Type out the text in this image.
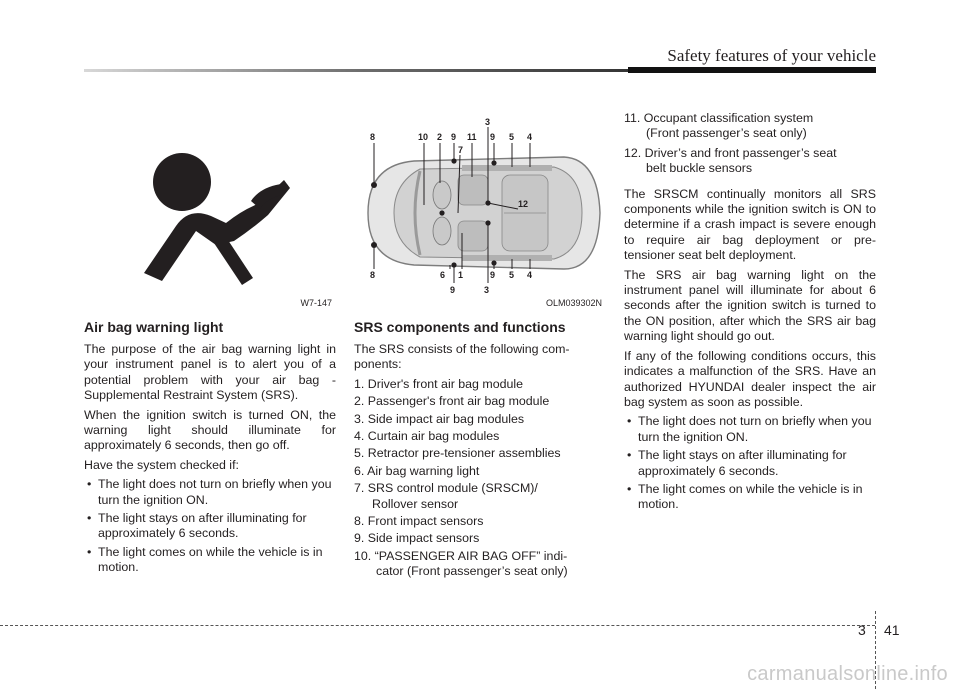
Safety features of your vehicle
W7-147
Air bag warning light

The purpose of the air bag warning light in your instrument panel is to alert you of a potential problem with your air bag - Supplemental Restraint System (SRS).

When the ignition switch is turned ON, the warning light should illuminate for approximately 6 seconds, then go off.

Have the system checked if:

• The light does not turn on briefly when you turn the ignition ON.
• The light stays on after illuminating for approximately 6 seconds.
• The light comes on while the vehicle is in motion.
8	10 2 9 11 9 5 4
7
3
8	6 1	9 5 4
9	3
12
OLM039302N
SRS components and functions

The SRS consists of the following com-ponents:

1. Driver's front air bag module
2. Passenger's front air bag module
3. Side impact air bag modules
4. Curtain air bag modules
5. Retractor pre-tensioner assemblies
6. Air bag warning light
7. SRS control module (SRSCM)/
Rollover sensor
8. Front impact sensors
9. Side impact sensors
10. “PASSENGER AIR BAG OFF” indi-
cator (Front passenger’s seat only)
11. Occupant classification system
(Front passenger’s seat only)
12. Driver’s and front passenger’s seat
belt buckle sensors

The SRSCM continually monitors all SRS components while the ignition switch is ON to determine if a crash impact is severe enough to require air bag deployment or pre-tensioner seat belt deployment.

The SRS air bag warning light on the instrument panel will illuminate for about 6 seconds after the ignition switch is turned to the ON position, after which the SRS air bag warning light should go out.

If any of the following conditions occurs, this indicates a malfunction of the SRS. Have an authorized HYUNDAI dealer inspect the air bag system as soon as possible.

• The light does not turn on briefly when you turn the ignition ON.
• The light stays on after illuminating for approximately 6 seconds.
• The light comes on while the vehicle is in motion.
3 41
carmanualsonline.info
